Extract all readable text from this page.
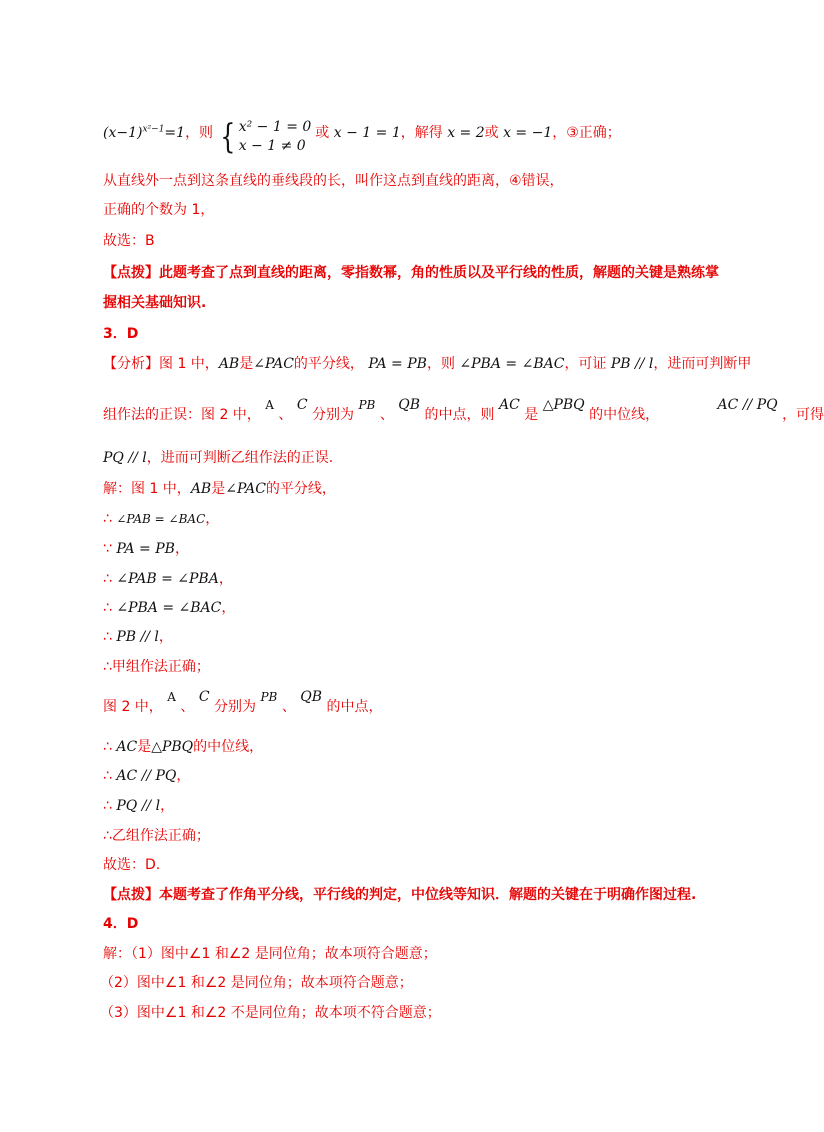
$(x-1)^{x^2-1}=1$，则 { x² − 1 = 0
x − 1 ≠ 0
或 x − 1 = 1，解得 x = 2或 x = −1，③正确；
从直线外一点到这条直线的垂线段的长，叫作这点到直线的距离，④错误，
正确的个数为 1，
故选：B
【点拨】此题考查了点到直线的距离，零指数幂，角的性质以及平行线的性质，解题的关键是熟练掌
握相关基础知识.
3．D
【分析】图 1 中，AB是∠PAC的平分线， PA = PB，则 ∠PBA = ∠BAC，可证 PB // l，进而可判断甲
组作法的正误：图 2 中， A 、 C 分别为 PB 、 QB 的中点，则 AC 是 △PBQ 的中位线， AC // PQ ，可得
PQ // l，进而可判断乙组作法的正误.
解：图 1 中，AB是∠PAC的平分线，
∴ ∠PAB = ∠BAC，
∵ PA = PB，
∴ ∠PAB = ∠PBA，
∴ ∠PBA = ∠BAC，
∴ PB // l，
∴甲组作法正确；
图 2 中， A 、 C 分别为 PB 、 QB 的中点，
∴ AC是△PBQ的中位线，
∴ AC // PQ，
∴ PQ // l，
∴乙组作法正确；
故选：D.
【点拨】本题考查了作角平分线，平行线的判定，中位线等知识．解题的关键在于明确作图过程.
4．D
解：（1）图中∠1 和∠2 是同位角；故本项符合题意；
（2）图中∠1 和∠2 是同位角；故本项符合题意；
（3）图中∠1 和∠2 不是同位角；故本项不符合题意；
